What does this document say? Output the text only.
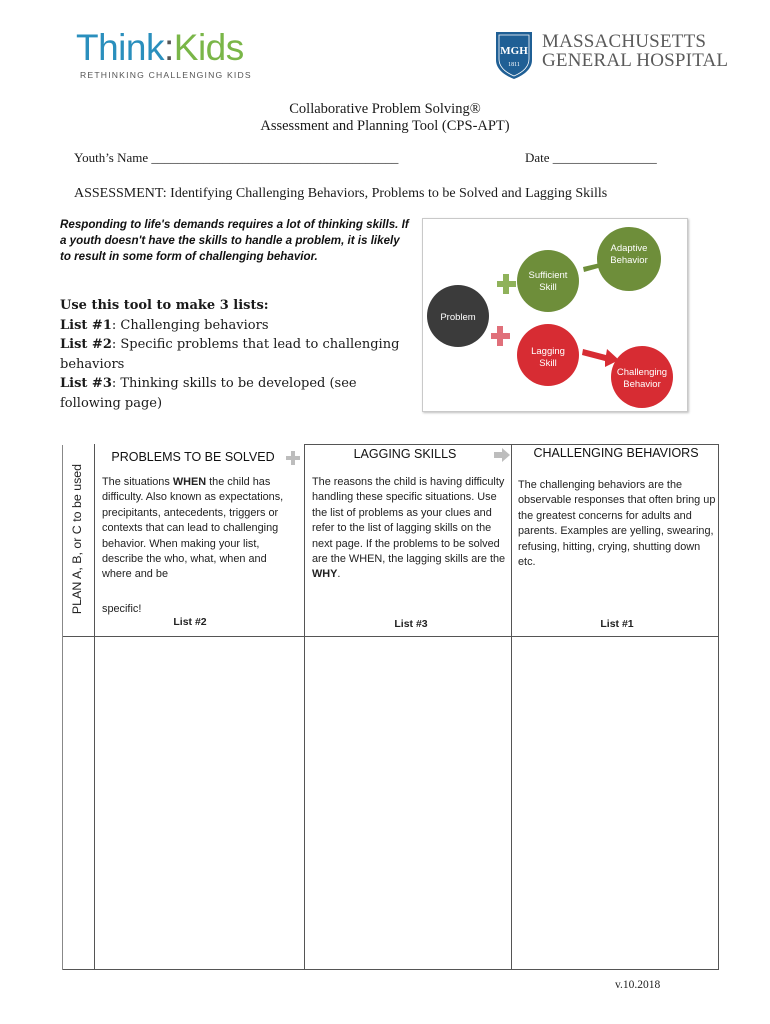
Think:Kids
RETHINKING CHALLENGING KIDS
MGH
1811
MASSACHUSETTS
GENERAL HOSPITAL
Collaborative Problem Solving®
Assessment and Planning Tool (CPS-APT)
Youth’s Name ______________________________________	Date ________________
ASSESSMENT: Identifying Challenging Behaviors, Problems to be Solved and Lagging Skills
Responding to life's demands requires a lot of thinking skills. If a youth doesn't have the skills to handle a problem, it is likely to result in some form of challenging behavior.
Use this tool to make 3 lists:
List #1: Challenging behaviors
List #2: Specific problems that lead to challenging behaviors
List #3: Thinking skills to be developed (see following page)
Problem
Sufficient
Skill
Adaptive
Behavior
Lagging
Skill
Challenging
Behavior
PLAN A, B, or C to be used
PROBLEMS TO BE SOLVED
The situations WHEN the child has difficulty. Also known as expectations, precipitants, antecedents, triggers or contexts that can lead to challenging behavior. When making your list, describe the who, what, when and where and be
specific!
List #2
LAGGING SKILLS
The reasons the child is having difficulty handling these specific situations. Use the list of problems as your clues and refer to the list of lagging skills on the next page. If the problems to be solved are the WHEN, the lagging skills are the WHY.
List #3
CHALLENGING BEHAVIORS
The challenging behaviors are the observable responses that often bring up the greatest concerns for adults and parents. Examples are yelling, swearing, refusing, hitting, crying, shutting down etc.
List #1
v.10.2018
